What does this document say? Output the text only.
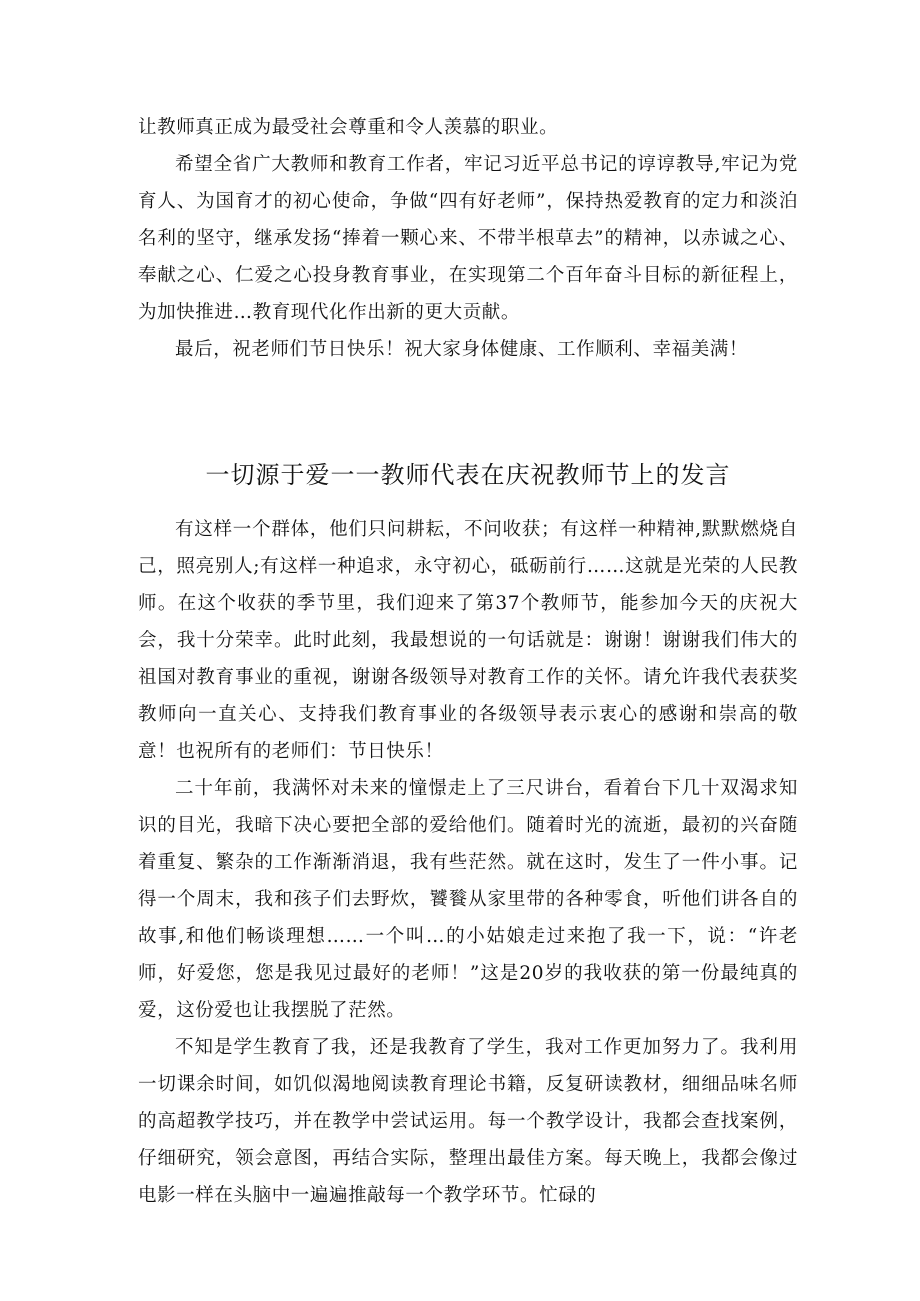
让教师真正成为最受社会尊重和令人羡慕的职业。

希望全省广大教师和教育工作者，牢记习近平总书记的谆谆教导,牢记为党育人、为国育才的初心使命，争做“四有好老师”，保持热爱教育的定力和淡泊名利的坚守，继承发扬“捧着一颗心来、不带半根草去”的精神，以赤诚之心、奉献之心、仁爱之心投身教育事业，在实现第二个百年奋斗目标的新征程上，为加快推进…教育现代化作出新的更大贡献。

最后，祝老师们节日快乐！祝大家身体健康、工作顺利、幸福美满！

一切源于爱一一教师代表在庆祝教师节上的发言

有这样一个群体，他们只问耕耘，不问收获；有这样一种精神,默默燃烧自己，照亮别人;有这样一种追求，永守初心，砥砺前行……这就是光荣的人民教师。在这个收获的季节里，我们迎来了第37个教师节，能参加今天的庆祝大会，我十分荣幸。此时此刻，我最想说的一句话就是：谢谢！谢谢我们伟大的祖国对教育事业的重视，谢谢各级领导对教育工作的关怀。请允许我代表获奖教师向一直关心、支持我们教育事业的各级领导表示衷心的感谢和崇高的敬意！也祝所有的老师们：节日快乐！

二十年前，我满怀对未来的憧憬走上了三尺讲台，看着台下几十双渴求知识的目光，我暗下决心要把全部的爱给他们。随着时光的流逝，最初的兴奋随着重复、繁杂的工作渐渐消退，我有些茫然。就在这时，发生了一件小事。记得一个周末，我和孩子们去野炊，饕餮从家里带的各种零食，听他们讲各自的故事,和他们畅谈理想……一个叫…的小姑娘走过来抱了我一下，说：“许老师，好爱您，您是我见过最好的老师！”这是20岁的我收获的第一份最纯真的爱，这份爱也让我摆脱了茫然。

不知是学生教育了我，还是我教育了学生，我对工作更加努力了。我利用一切课余时间，如饥似渴地阅读教育理论书籍，反复研读教材，细细品味名师的高超教学技巧，并在教学中尝试运用。每一个教学设计，我都会查找案例，仔细研究，领会意图，再结合实际，整理出最佳方案。每天晚上，我都会像过电影一样在头脑中一遍遍推敲每一个教学环节。忙碌的
